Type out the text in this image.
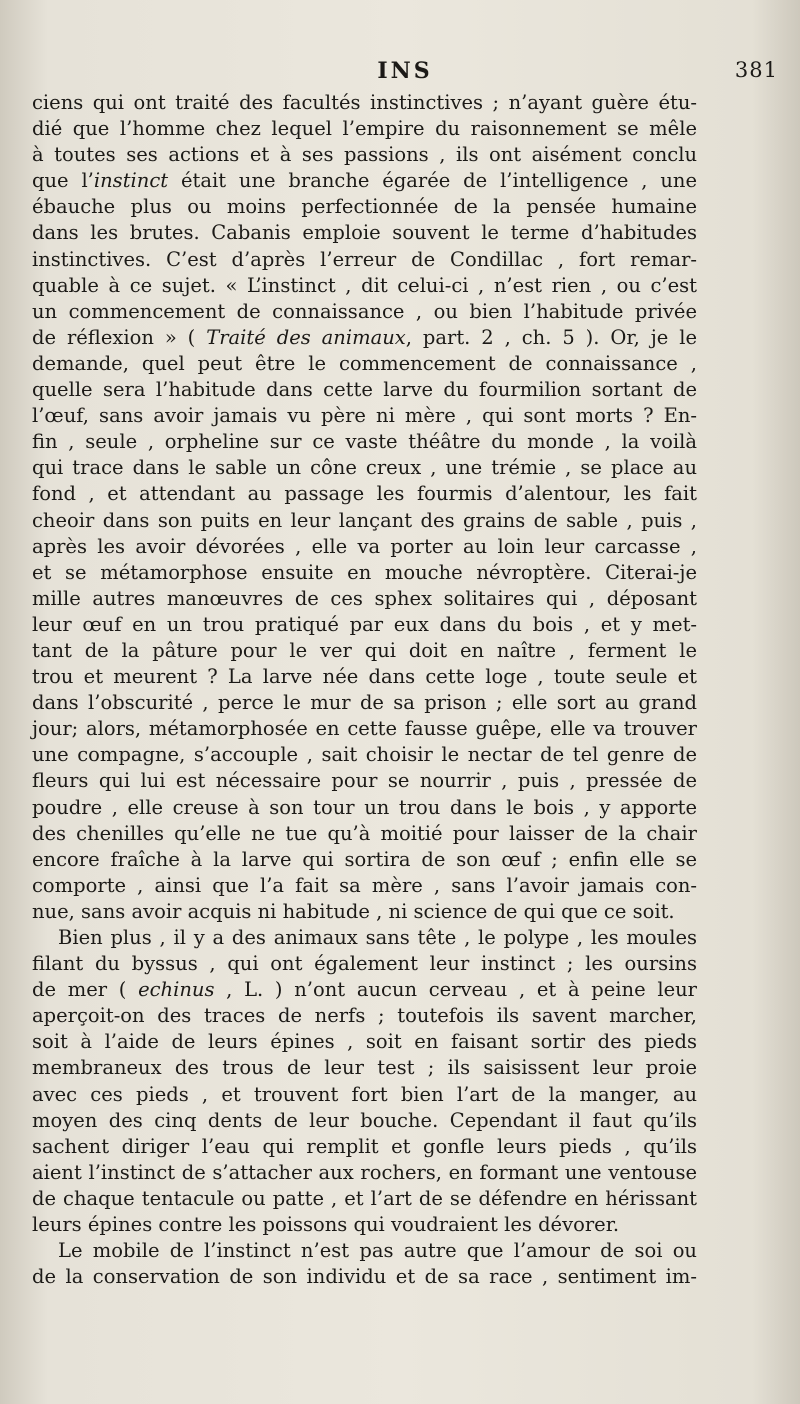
INS	381
ciens qui ont traité des facultés instinctives ; n’ayant guère étu-
dié que l’homme chez lequel l’empire du raisonnement se mêle
à toutes ses actions et à ses passions , ils ont aisément conclu
que l’instinct était une branche égarée de l’intelligence , une
ébauche plus ou moins perfectionnée de la pensée humaine
dans les brutes. Cabanis emploie souvent le terme d’habitudes
instinctives. C’est d’après l’erreur de Condillac , fort remar-
quable à ce sujet. « L’instinct , dit celui-ci , n’est rien , ou c’est
un commencement de connaissance , ou bien l’habitude privée
de réflexion » ( Traité des animaux, part. 2 , ch. 5 ). Or, je le
demande, quel peut être le commencement de connaissance ,
quelle sera l’habitude dans cette larve du fourmilion sortant de
l’œuf, sans avoir jamais vu père ni mère , qui sont morts ? En-
fin , seule , orpheline sur ce vaste théâtre du monde , la voilà
qui trace dans le sable un cône creux , une trémie , se place au
fond , et attendant au passage les fourmis d’alentour, les fait
cheoir dans son puits en leur lançant des grains de sable , puis ,
après les avoir dévorées , elle va porter au loin leur carcasse ,
et se métamorphose ensuite en mouche névroptère. Citerai-je
mille autres manœuvres de ces sphex solitaires qui , déposant
leur œuf en un trou pratiqué par eux dans du bois , et y met-
tant de la pâture pour le ver qui doit en naître , ferment le
trou et meurent ? La larve née dans cette loge , toute seule et
dans l’obscurité , perce le mur de sa prison ; elle sort au grand
jour; alors, métamorphosée en cette fausse guêpe, elle va trouver
une compagne, s’accouple , sait choisir le nectar de tel genre de
fleurs qui lui est nécessaire pour se nourrir , puis , pressée de
poudre , elle creuse à son tour un trou dans le bois , y apporte
des chenilles qu’elle ne tue qu’à moitié pour laisser de la chair
encore fraîche à la larve qui sortira de son œuf ; enfin elle se
comporte , ainsi que l’a fait sa mère , sans l’avoir jamais con-
nue, sans avoir acquis ni habitude , ni science de qui que ce soit.
Bien plus , il y a des animaux sans tête , le polype , les moules
filant du byssus , qui ont également leur instinct ; les oursins
de mer ( echinus , L. ) n’ont aucun cerveau , et à peine leur
aperçoit-on des traces de nerfs ; toutefois ils savent marcher,
soit à l’aide de leurs épines , soit en faisant sortir des pieds
membraneux des trous de leur test ; ils saisissent leur proie
avec ces pieds , et trouvent fort bien l’art de la manger, au
moyen des cinq dents de leur bouche. Cependant il faut qu’ils
sachent diriger l’eau qui remplit et gonfle leurs pieds , qu’ils
aient l’instinct de s’attacher aux rochers, en formant une ventouse
de chaque tentacule ou patte , et l’art de se défendre en hérissant
leurs épines contre les poissons qui voudraient les dévorer.
Le mobile de l’instinct n’est pas autre que l’amour de soi ou
de la conservation de son individu et de sa race , sentiment im-
